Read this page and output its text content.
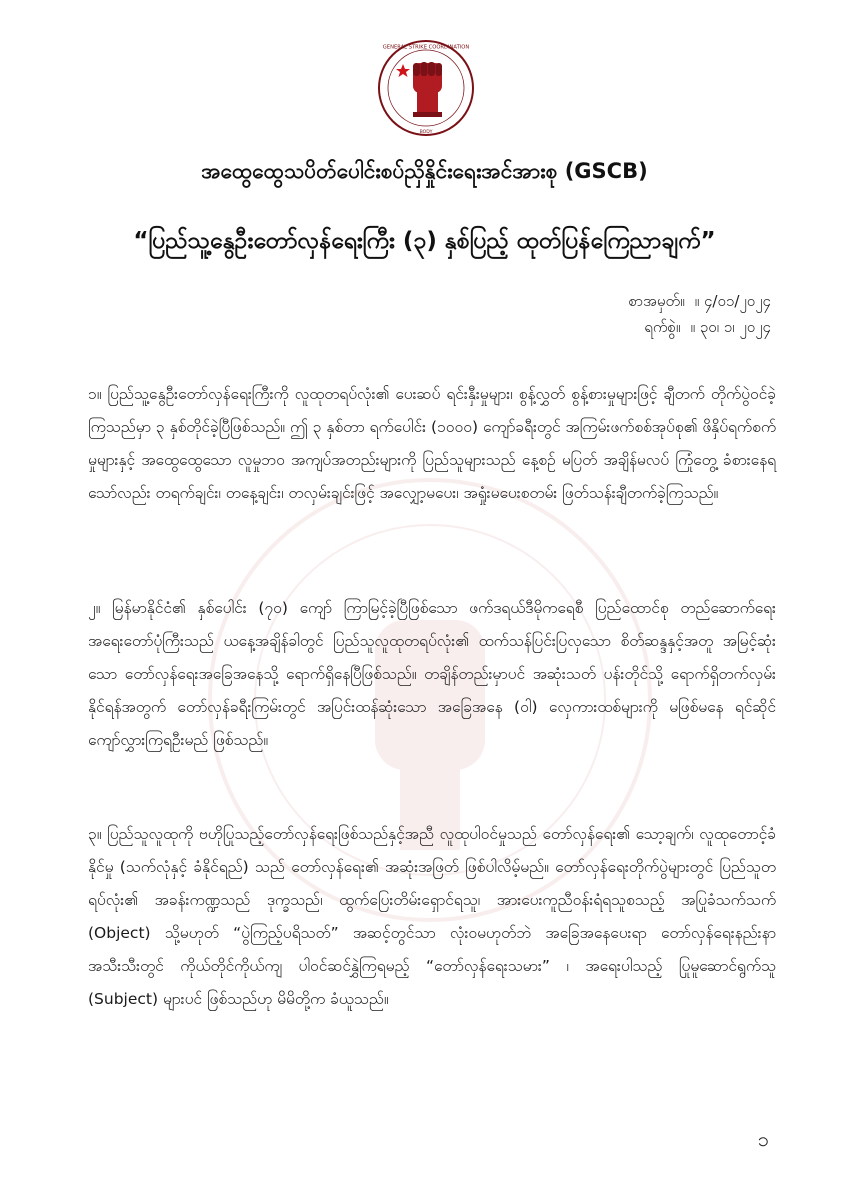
GENERAL STRIKE COORDINATION
BODY
အထွေထွေသပိတ်ပေါင်းစပ်ညှိနှိုင်းရေးအင်အားစု (GSCB)
“ပြည်သူ့နွေဦးတော်လှန်ရေးကြီး (၃) နှစ်ပြည့် ထုတ်ပြန်ကြေညာချက်”
စာအမှတ်။ ။ ၄/၀၁/၂၀၂၄
ရက်စွဲ။ ။ ၃၀၊ ၁၊ ၂၀၂၄

၁။ ပြည်သူ့နွေဦးတော်လှန်ရေးကြီးကို လူထုတရပ်လုံး၏ ပေးဆပ် ရင်းနှီးမှုများ၊ စွန့်လွှတ် စွန့်စားမှုများဖြင့် ချီတက် တိုက်ပွဲဝင်ခဲ့ကြသည်မှာ ၃ နှစ်တိုင်ခဲ့ပြီဖြစ်သည်။ ဤ ၃ နှစ်တာ ရက်ပေါင်း (၁၀၀၀) ကျော်ခရီးတွင် အကြမ်းဖက်စစ်အုပ်စု၏ ဖိနှိပ်ရက်စက်မှုများနှင့် အထွေထွေသော လူမှုဘဝ အကျပ်အတည်းများကို ပြည်သူများသည် နေ့စဉ် မပြတ် အချိန်မလပ် ကြုံတွေ့ ခံစားနေရသော်လည်း တရက်ချင်း၊ တနေ့ချင်း၊ တလှမ်းချင်းဖြင့် အလျှော့မပေး၊ အရှုံးမပေးစတမ်း ဖြတ်သန်းချီတက်ခဲ့ကြသည်။

၂။ မြန်မာနိုင်ငံ၏ နှစ်ပေါင်း (၇၀) ကျော် ကြာမြင့်ခဲ့ပြီဖြစ်သော ဖက်ဒရယ်ဒီမိုကရေစီ ပြည်ထောင်စု တည်ဆောက်ရေး အရေးတော်ပုံကြီးသည် ယနေ့အချိန်ခါတွင် ပြည်သူလူထုတရပ်လုံး၏ ထက်သန်ပြင်းပြလှသော စိတ်ဆန္ဒနှင့်အတူ အမြင့်ဆုံးသော တော်လှန်ရေးအခြေအနေသို့ ရောက်ရှိနေပြီဖြစ်သည်။ တချိန်တည်းမှာပင် အဆုံးသတ် ပန်းတိုင်သို့ ရောက်ရှိတက်လှမ်းနိုင်ရန်အတွက် တော်လှန်ခရီးကြမ်းတွင် အပြင်းထန်ဆုံးသော အခြေအနေ (ဝါ) လှေကားထစ်များကို မဖြစ်မနေ ရင်ဆိုင်ကျော်လွှားကြရဦးမည် ဖြစ်သည်။

၃။ ပြည်သူလူထုကို ဗဟိုပြုသည့်တော်လှန်ရေးဖြစ်သည်နှင့်အညီ လူထုပါဝင်မှုသည် တော်လှန်ရေး၏ သော့ချက်၊ လူထုတောင့်ခံနိုင်မှု (သက်လုံနှင့် ခံနိုင်ရည်) သည် တော်လှန်ရေး၏ အဆုံးအဖြတ် ဖြစ်ပါလိမ့်မည်။ တော်လှန်ရေးတိုက်ပွဲများတွင် ပြည်သူတရပ်လုံး၏ အခန်းကဏ္ဍသည် ဒုက္ခသည်၊ ထွက်ပြေးတိမ်းရှောင်ရသူ၊ အားပေးကူညီဝန်းရံရသူစသည့် အပြုခံသက်သက် (Object) သို့မဟုတ် “ပွဲကြည့်ပရိသတ်” အဆင့်တွင်သာ လုံးဝမဟုတ်ဘဲ အခြေအနေပေးရာ တော်လှန်ရေးနည်းနာ အသီးသီးတွင် ကိုယ်တိုင်ကိုယ်ကျ ပါဝင်ဆင်နွှဲကြရမည့် “တော်လှန်ရေးသမား” ၊ အရေးပါသည့် ပြုမူဆောင်ရွက်သူ (Subject) များပင် ဖြစ်သည်ဟု မိမိတို့က ခံယူသည်။

၁
